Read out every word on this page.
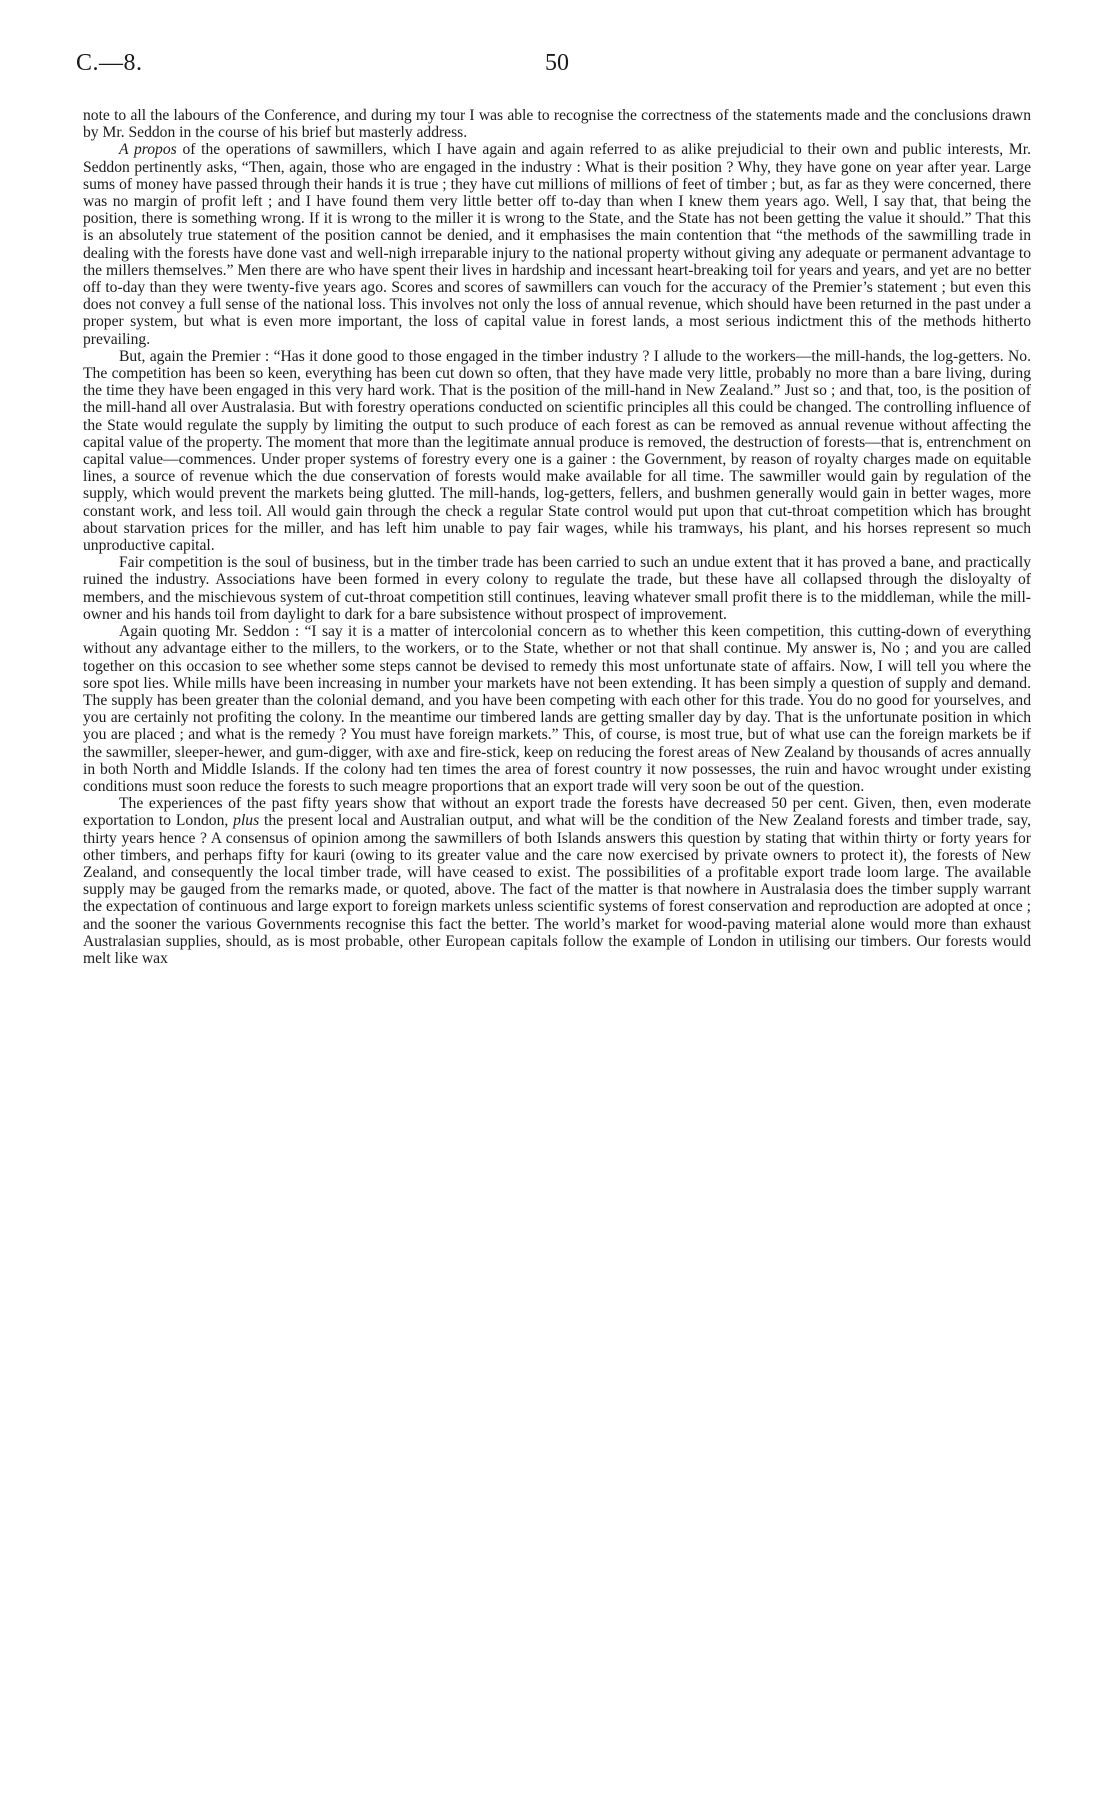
C.—8.	50

note to all the labours of the Conference, and during my tour I was able to recognise the correctness of the statements made and the conclusions drawn by Mr. Seddon in the course of his brief but masterly address.

A propos of the operations of sawmillers, which I have again and again referred to as alike prejudicial to their own and public interests, Mr. Seddon pertinently asks, “Then, again, those who are engaged in the industry : What is their position ? Why, they have gone on year after year. Large sums of money have passed through their hands it is true ; they have cut millions of millions of feet of timber ; but, as far as they were concerned, there was no margin of profit left ; and I have found them very little better off to-day than when I knew them years ago. Well, I say that, that being the position, there is something wrong. If it is wrong to the miller it is wrong to the State, and the State has not been getting the value it should.” That this is an absolutely true statement of the position cannot be denied, and it emphasises the main contention that “the methods of the sawmilling trade in dealing with the forests have done vast and well-nigh irreparable injury to the national property without giving any adequate or permanent advantage to the millers themselves.” Men there are who have spent their lives in hardship and incessant heart-breaking toil for years and years, and yet are no better off to-day than they were twenty-five years ago. Scores and scores of sawmillers can vouch for the accuracy of the Premier’s statement ; but even this does not convey a full sense of the national loss. This involves not only the loss of annual revenue, which should have been returned in the past under a proper system, but what is even more important, the loss of capital value in forest lands, a most serious indictment this of the methods hitherto prevailing.

But, again the Premier : “Has it done good to those engaged in the timber industry ? I allude to the workers—the mill-hands, the log-getters. No. The competition has been so keen, everything has been cut down so often, that they have made very little, probably no more than a bare living, during the time they have been engaged in this very hard work. That is the position of the mill-hand in New Zealand.” Just so ; and that, too, is the position of the mill-hand all over Australasia. But with forestry operations conducted on scientific principles all this could be changed. The controlling influence of the State would regulate the supply by limiting the output to such produce of each forest as can be removed as annual revenue without affecting the capital value of the property. The moment that more than the legitimate annual produce is removed, the destruction of forests—that is, entrenchment on capital value—commences. Under proper systems of forestry every one is a gainer : the Government, by reason of royalty charges made on equitable lines, a source of revenue which the due conservation of forests would make available for all time. The sawmiller would gain by regulation of the supply, which would prevent the markets being glutted. The mill-hands, log-getters, fellers, and bushmen generally would gain in better wages, more constant work, and less toil. All would gain through the check a regular State control would put upon that cut-throat competition which has brought about starvation prices for the miller, and has left him unable to pay fair wages, while his tramways, his plant, and his horses represent so much unproductive capital.

Fair competition is the soul of business, but in the timber trade has been carried to such an undue extent that it has proved a bane, and practically ruined the industry. Associations have been formed in every colony to regulate the trade, but these have all collapsed through the disloyalty of members, and the mischievous system of cut-throat competition still continues, leaving whatever small profit there is to the middleman, while the mill-owner and his hands toil from daylight to dark for a bare subsistence without prospect of improvement.

Again quoting Mr. Seddon : “I say it is a matter of intercolonial concern as to whether this keen competition, this cutting-down of everything without any advantage either to the millers, to the workers, or to the State, whether or not that shall continue. My answer is, No ; and you are called together on this occasion to see whether some steps cannot be devised to remedy this most unfortunate state of affairs. Now, I will tell you where the sore spot lies. While mills have been increasing in number your markets have not been extending. It has been simply a question of supply and demand. The supply has been greater than the colonial demand, and you have been competing with each other for this trade. You do no good for yourselves, and you are certainly not profiting the colony. In the meantime our timbered lands are getting smaller day by day. That is the unfortunate position in which you are placed ; and what is the remedy ? You must have foreign markets.” This, of course, is most true, but of what use can the foreign markets be if the sawmiller, sleeper-hewer, and gum-digger, with axe and fire-stick, keep on reducing the forest areas of New Zealand by thousands of acres annually in both North and Middle Islands. If the colony had ten times the area of forest country it now possesses, the ruin and havoc wrought under existing conditions must soon reduce the forests to such meagre proportions that an export trade will very soon be out of the question.

The experiences of the past fifty years show that without an export trade the forests have decreased 50 per cent. Given, then, even moderate exportation to London, plus the present local and Australian output, and what will be the condition of the New Zealand forests and timber trade, say, thirty years hence ? A consensus of opinion among the sawmillers of both Islands answers this question by stating that within thirty or forty years for other timbers, and perhaps fifty for kauri (owing to its greater value and the care now exercised by private owners to protect it), the forests of New Zealand, and consequently the local timber trade, will have ceased to exist. The possibilities of a profitable export trade loom large. The available supply may be gauged from the remarks made, or quoted, above. The fact of the matter is that nowhere in Australasia does the timber supply warrant the expectation of continuous and large export to foreign markets unless scientific systems of forest conservation and reproduction are adopted at once ; and the sooner the various Governments recognise this fact the better. The world’s market for wood-paving material alone would more than exhaust Australasian supplies, should, as is most probable, other European capitals follow the example of London in utilising our timbers. Our forests would melt like wax
